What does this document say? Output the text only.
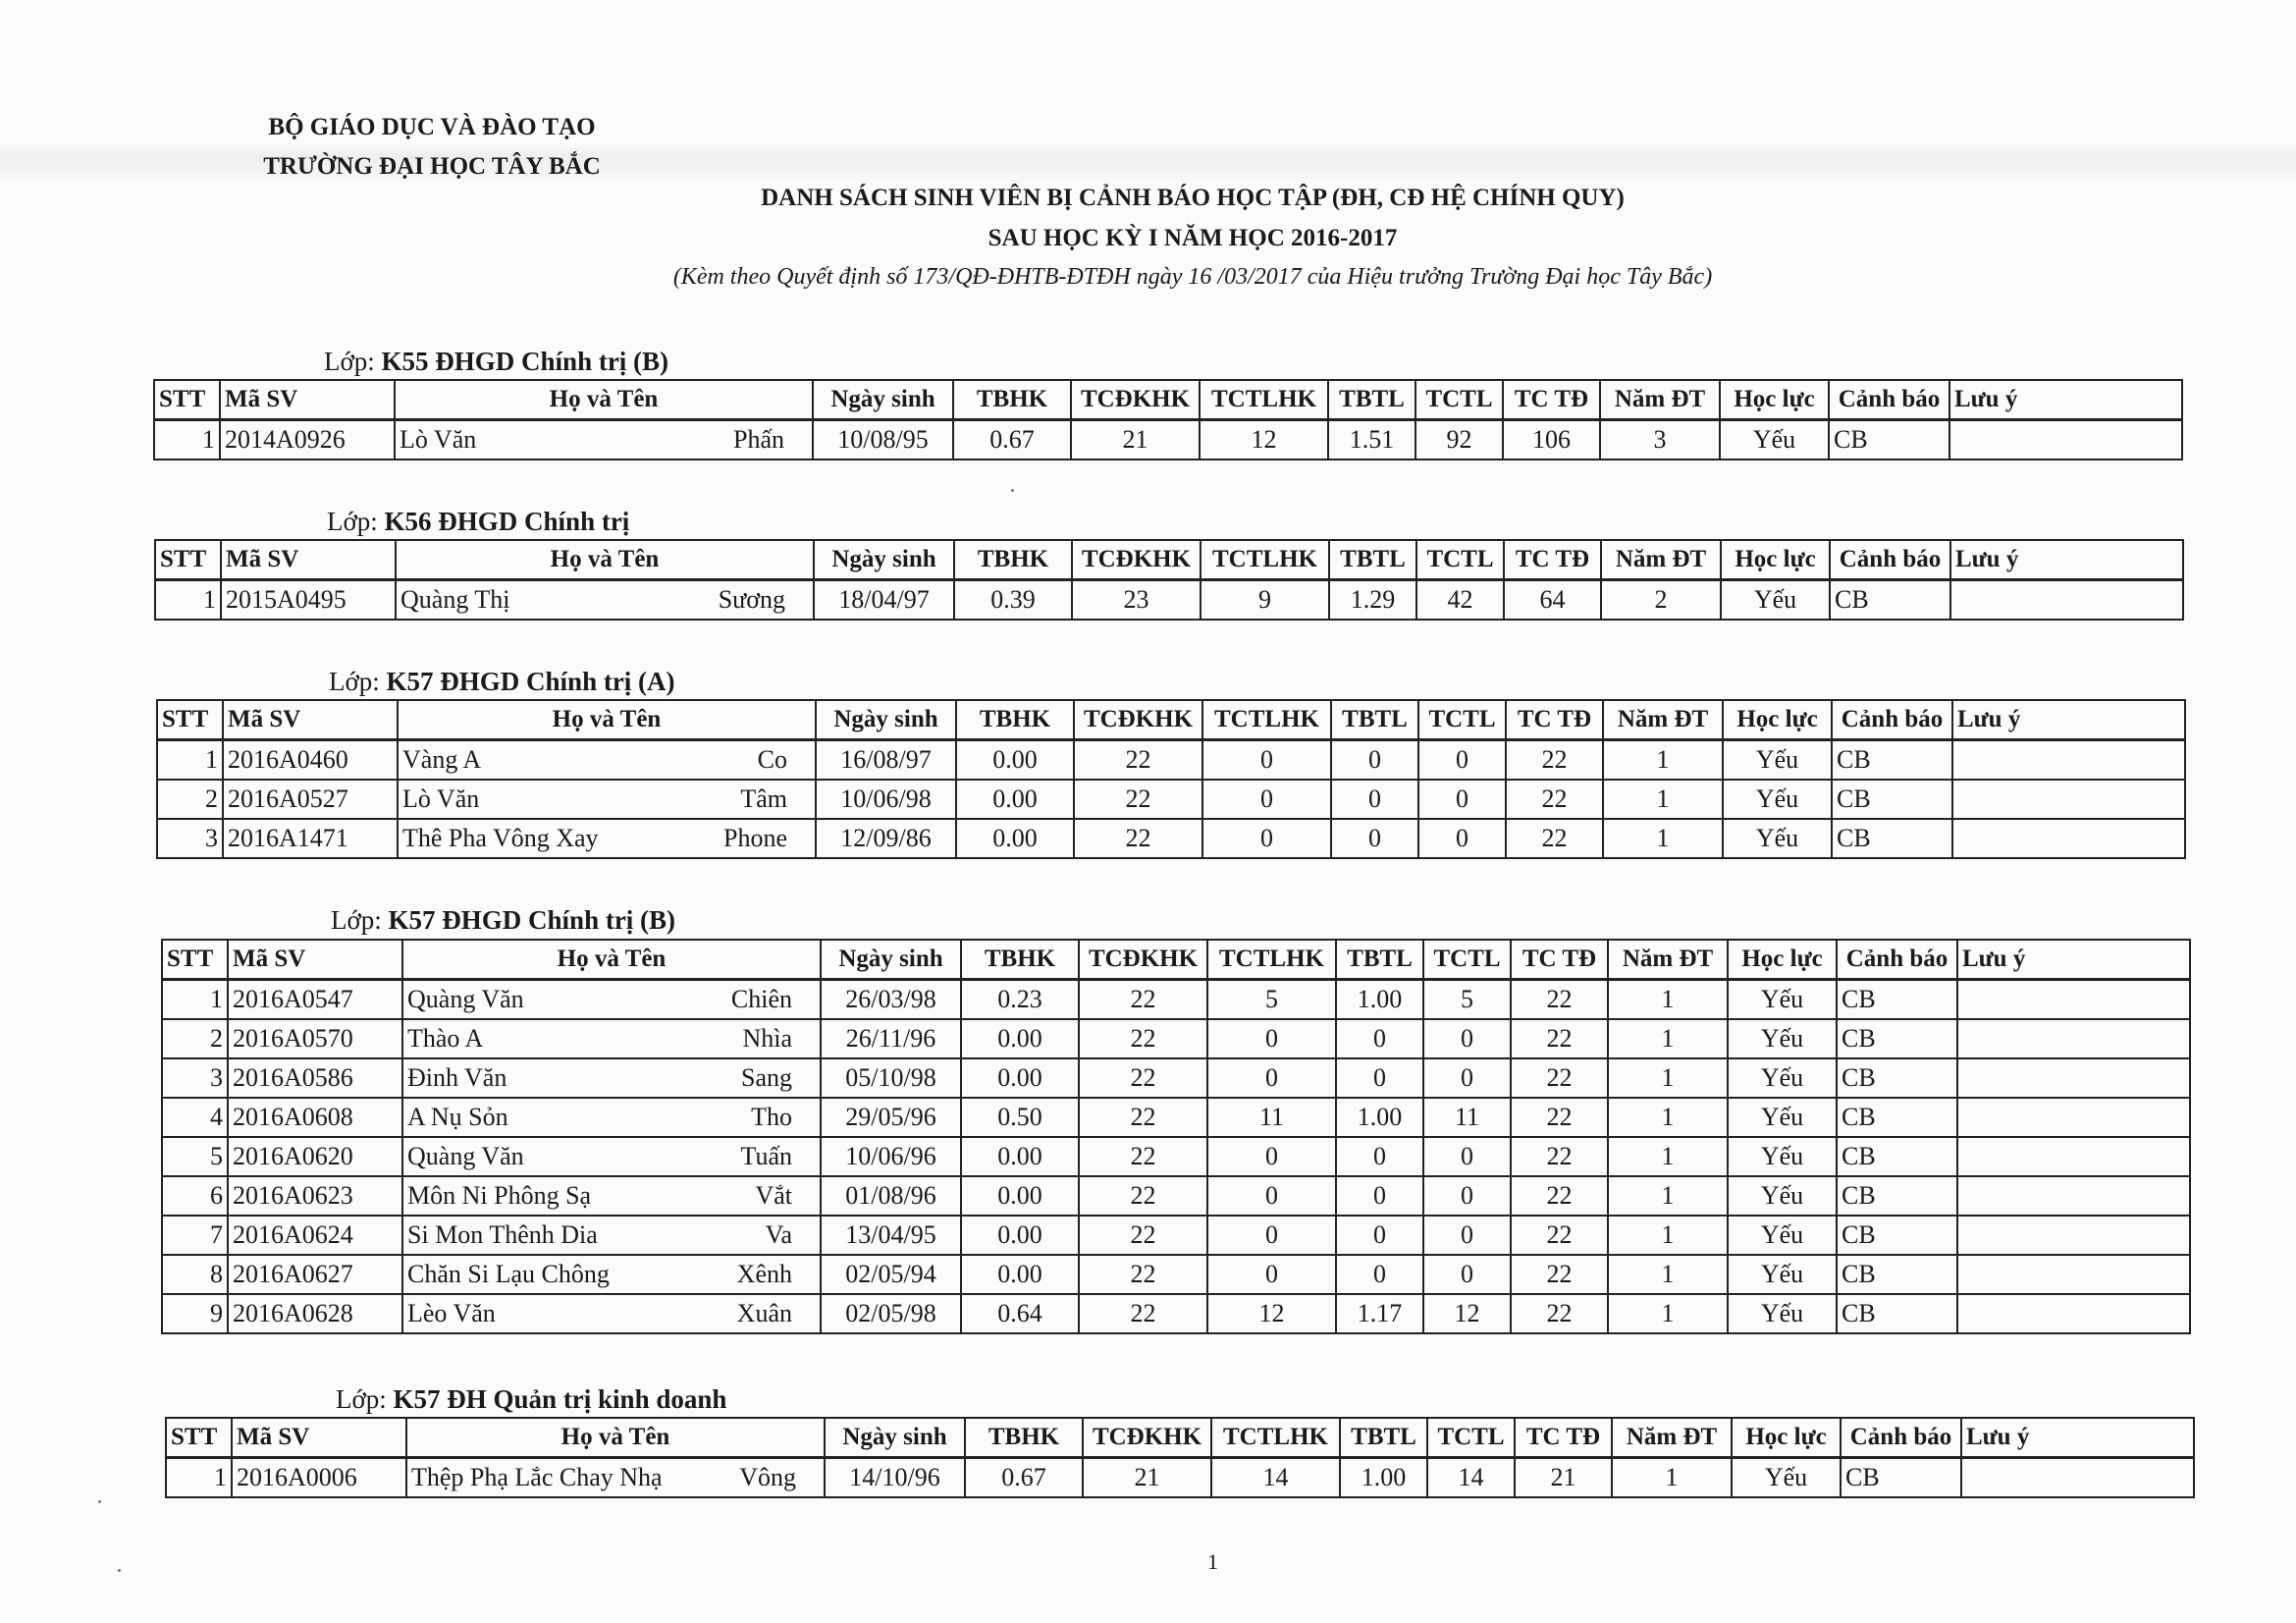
BỘ GIÁO DỤC VÀ ĐÀO TẠO
TRƯỜNG ĐẠI HỌC TÂY BẮC
DANH SÁCH SINH VIÊN BỊ CẢNH BÁO HỌC TẬP (ĐH, CĐ HỆ CHÍNH QUY)
SAU HỌC KỲ I NĂM HỌC 2016-2017
(Kèm theo Quyết định số 173/QĐ-ĐHTB-ĐTĐH ngày 16 /03/2017 của Hiệu trưởng Trường Đại học Tây Bắc)
Lớp: K55 ĐHGD Chính trị (B)
STT	Mã SV	Họ và Tên	Ngày sinh	TBHK	TCĐKHK	TCTLHK	TBTL	TCTL	TC TĐ	Năm ĐT	Học lực	Cảnh báo	Lưu ý
1	2014A0926	Lò Văn Phấn	10/08/95	0.67	21	12	1.51	92	106	3	Yếu	CB	
Lớp: K56 ĐHGD Chính trị
STT	Mã SV	Họ và Tên	Ngày sinh	TBHK	TCĐKHK	TCTLHK	TBTL	TCTL	TC TĐ	Năm ĐT	Học lực	Cảnh báo	Lưu ý
1	2015A0495	Quàng Thị Sương	18/04/97	0.39	23	9	1.29	42	64	2	Yếu	CB	
Lớp: K57 ĐHGD Chính trị (A)
STT	Mã SV	Họ và Tên	Ngày sinh	TBHK	TCĐKHK	TCTLHK	TBTL	TCTL	TC TĐ	Năm ĐT	Học lực	Cảnh báo	Lưu ý
1	2016A0460	Vàng A Co	16/08/97	0.00	22	0	0	0	22	1	Yếu	CB	
2	2016A0527	Lò Văn Tâm	10/06/98	0.00	22	0	0	0	22	1	Yếu	CB	
3	2016A1471	Thê Pha Vông Xay Phone	12/09/86	0.00	22	0	0	0	22	1	Yếu	CB	
Lớp: K57 ĐHGD Chính trị (B)
STT	Mã SV	Họ và Tên	Ngày sinh	TBHK	TCĐKHK	TCTLHK	TBTL	TCTL	TC TĐ	Năm ĐT	Học lực	Cảnh báo	Lưu ý
1	2016A0547	Quàng Văn Chiên	26/03/98	0.23	22	5	1.00	5	22	1	Yếu	CB	
2	2016A0570	Thào A Nhìa	26/11/96	0.00	22	0	0	0	22	1	Yếu	CB	
3	2016A0586	Đinh Văn Sang	05/10/98	0.00	22	0	0	0	22	1	Yếu	CB	
4	2016A0608	A Nụ Sỏn Tho	29/05/96	0.50	22	11	1.00	11	22	1	Yếu	CB	
5	2016A0620	Quàng Văn Tuấn	10/06/96	0.00	22	0	0	0	22	1	Yếu	CB	
6	2016A0623	Môn Ni Phông Sạ Vắt	01/08/96	0.00	22	0	0	0	22	1	Yếu	CB	
7	2016A0624	Si Mon Thênh Dia Va	13/04/95	0.00	22	0	0	0	22	1	Yếu	CB	
8	2016A0627	Chăn Si Lạu Chông Xênh	02/05/94	0.00	22	0	0	0	22	1	Yếu	CB	
9	2016A0628	Lèo Văn Xuân	02/05/98	0.64	22	12	1.17	12	22	1	Yếu	CB	
Lớp: K57 ĐH Quản trị kinh doanh
STT	Mã SV	Họ và Tên	Ngày sinh	TBHK	TCĐKHK	TCTLHK	TBTL	TCTL	TC TĐ	Năm ĐT	Học lực	Cảnh báo	Lưu ý
1	2016A0006	Thệp Phạ Lắc Chay Nhạ Vông	14/10/96	0.67	21	14	1.00	14	21	1	Yếu	CB	
1
